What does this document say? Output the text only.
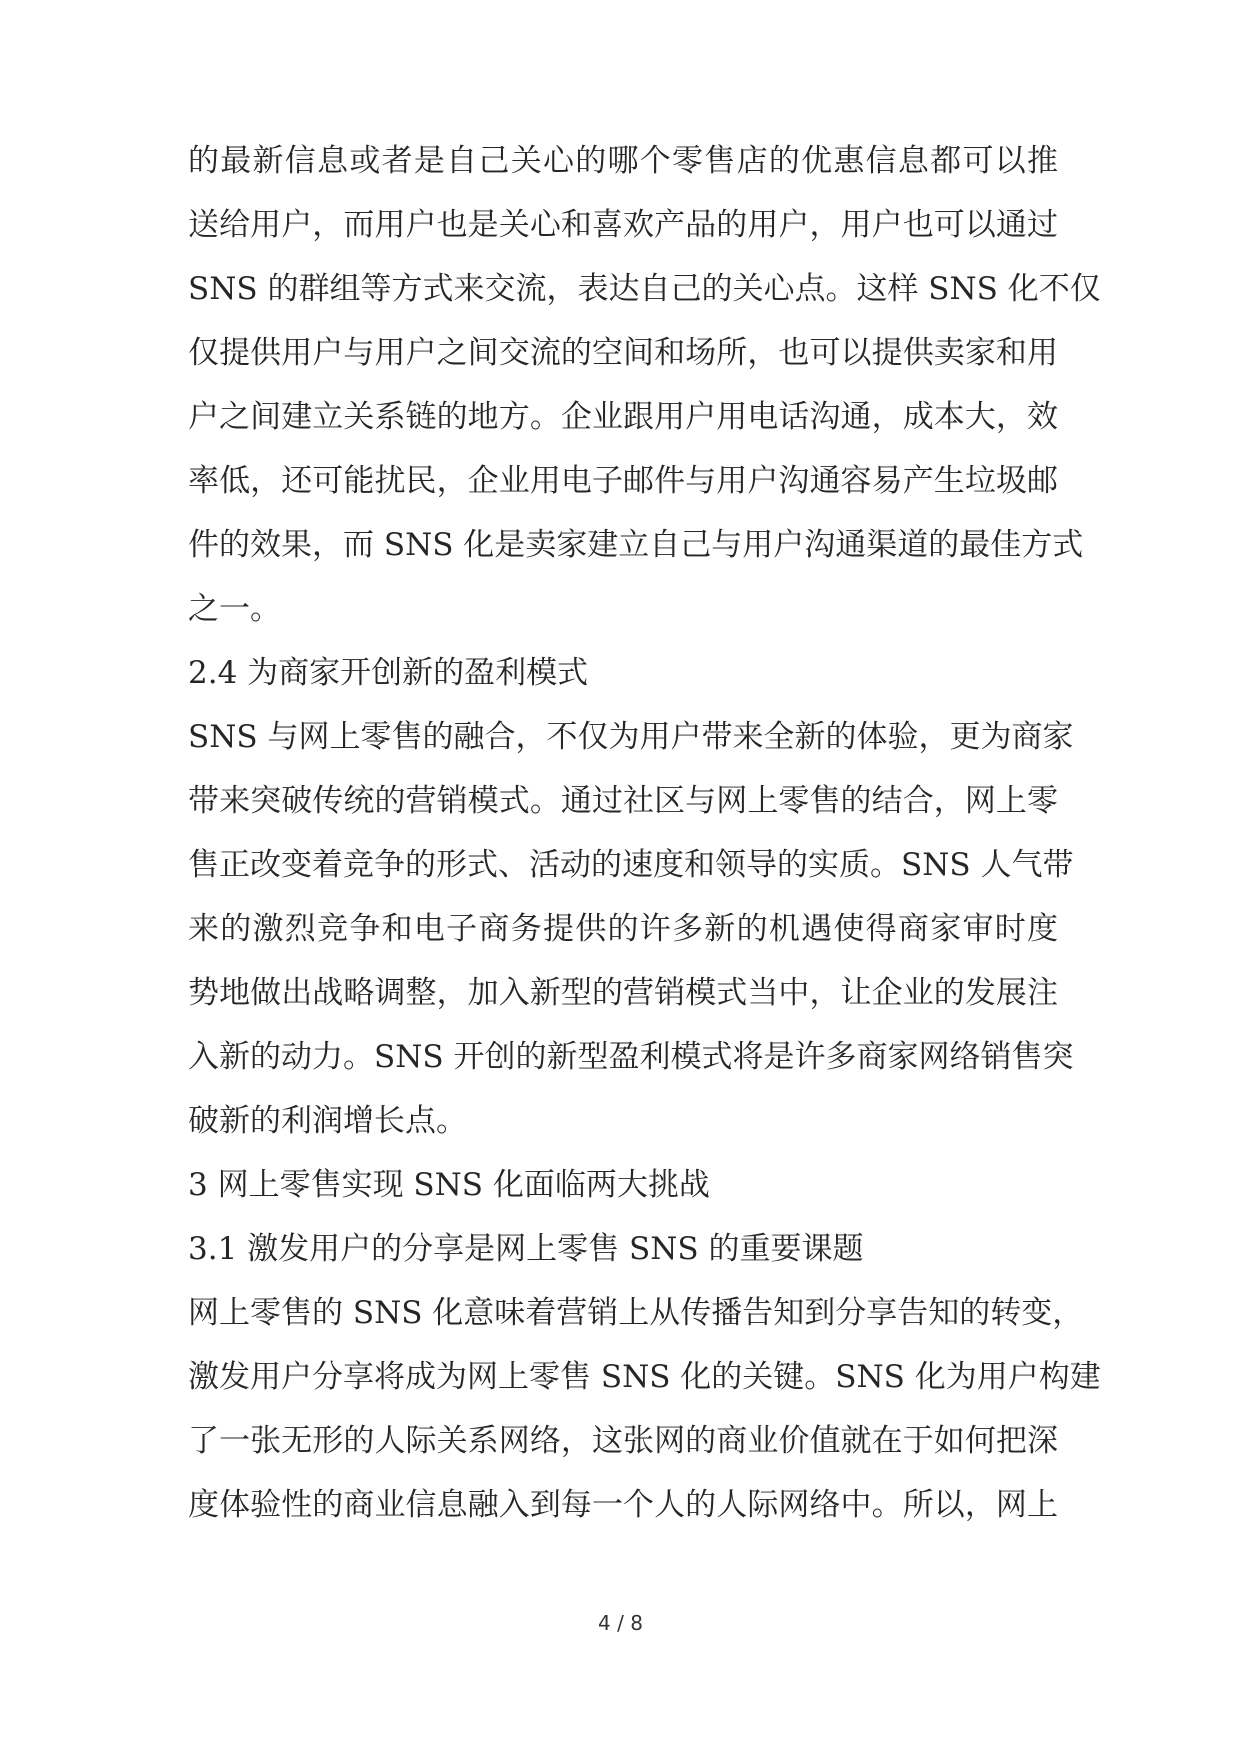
的最新信息或者是自己关心的哪个零售店的优惠信息都可以推
送给用户，而用户也是关心和喜欢产品的用户，用户也可以通过
SNS 的群组等方式来交流，表达自己的关心点。这样 SNS 化不仅
仅提供用户与用户之间交流的空间和场所，也可以提供卖家和用
户之间建立关系链的地方。企业跟用户用电话沟通，成本大，效
率低，还可能扰民，企业用电子邮件与用户沟通容易产生垃圾邮
件的效果，而 SNS 化是卖家建立自己与用户沟通渠道的最佳方式
之一。
2.4 为商家开创新的盈利模式
SNS 与网上零售的融合，不仅为用户带来全新的体验，更为商家
带来突破传统的营销模式。通过社区与网上零售的结合，网上零
售正改变着竞争的形式、活动的速度和领导的实质。SNS 人气带
来的激烈竞争和电子商务提供的许多新的机遇使得商家审时度
势地做出战略调整，加入新型的营销模式当中，让企业的发展注
入新的动力。SNS 开创的新型盈利模式将是许多商家网络销售突
破新的利润增长点。
3 网上零售实现 SNS 化面临两大挑战
3.1 激发用户的分享是网上零售 SNS 的重要课题
网上零售的 SNS 化意味着营销上从传播告知到分享告知的转变，
激发用户分享将成为网上零售 SNS 化的关键。SNS 化为用户构建
了一张无形的人际关系网络，这张网的商业价值就在于如何把深
度体验性的商业信息融入到每一个人的人际网络中。所以，网上
4 / 8
